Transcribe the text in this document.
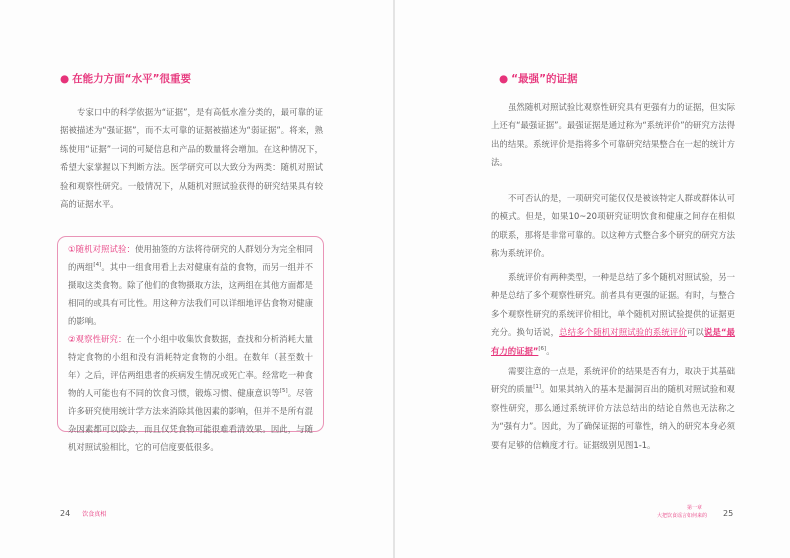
● 在能力方面“水平”很重要

专家口中的科学依据为“证据”，是有高低水准分类的，最可靠的证据被描述为“强证据”，而不太可靠的证据被描述为“弱证据”。将来，熟练使用“证据”一词的可疑信息和产品的数量将会增加。在这种情况下，希望大家掌握以下判断方法。医学研究可以大致分为两类：随机对照试验和观察性研究。一般情况下，从随机对照试验获得的研究结果具有较高的证据水平。

①随机对照试验：使用抽签的方法将待研究的人群划分为完全相同的两组[4]。其中一组食用看上去对健康有益的食物，而另一组并不摄取这类食物。除了他们的食物摄取方法，这两组在其他方面都是相同的或具有可比性。用这种方法我们可以详细地评估食物对健康的影响。

②观察性研究：在一个小组中收集饮食数据，查找和分析消耗大量特定食物的小组和没有消耗特定食物的小组。在数年（甚至数十年）之后，评估两组患者的疾病发生情况或死亡率。经常吃一种食物的人可能也有不同的饮食习惯，锻炼习惯、健康意识等[5]。尽管许多研究使用统计学方法来消除其他因素的影响，但并不是所有混杂因素都可以除去，而且仅凭食物可能很难看清效果。因此，与随机对照试验相比，它的可信度要低很多。

24 饮食真相
● “最强”的证据

虽然随机对照试验比观察性研究具有更强有力的证据，但实际上还有“最强证据”。最强证据是通过称为“系统评价”的研究方法得出的结果。系统评价是指将多个可靠研究结果整合在一起的统计方法。

不可否认的是，一项研究可能仅仅是被该特定人群或群体认可的模式。但是，如果10~20项研究证明饮食和健康之间存在相似的联系，那将是非常可靠的。以这种方式整合多个研究的研究方法称为系统评价。

系统评价有两种类型，一种是总结了多个随机对照试验，另一种是总结了多个观察性研究。前者具有更强的证据。有时，与整合多个观察性研究的系统评价相比，单个随机对照试验提供的证据更充分。换句话说，总结多个随机对照试验的系统评价可以说是“最有力的证据”[6]。

需要注意的一点是，系统评价的结果是否有力，取决于其基础研究的质量[1]。如果其纳入的基本是漏洞百出的随机对照试验和观察性研究，那么通过系统评价方法总结出的结论自然也无法称之为“强有力”。因此，为了确保证据的可靠性，纳入的研究本身必须要有足够的信赖度才行。证据级别见图1-1。

第一章
大把饮食谣言如何来的 25
